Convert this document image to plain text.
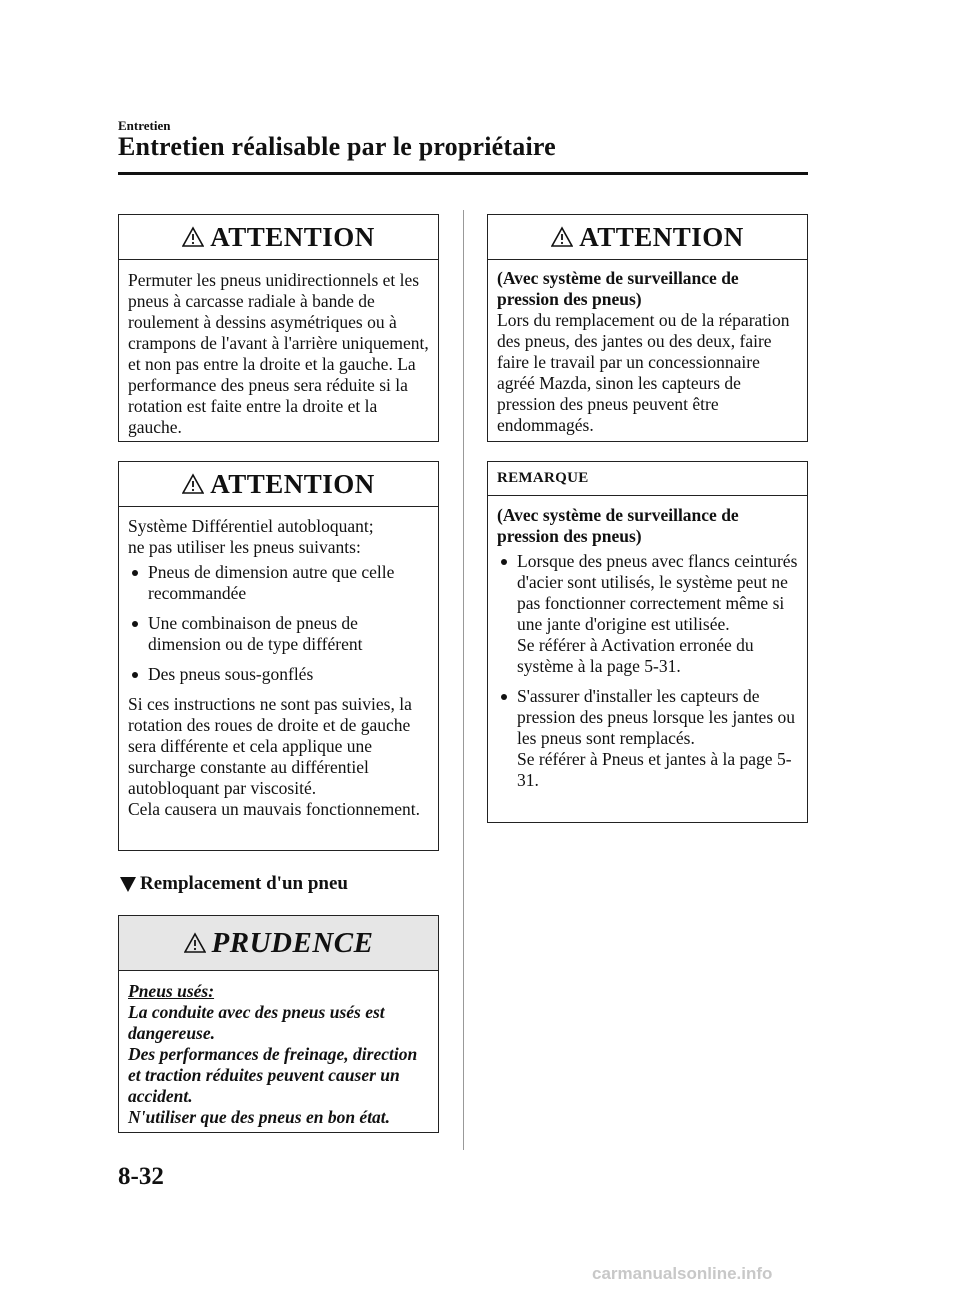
Entretien
Entretien réalisable par le propriétaire
ATTENTION

Permuter les pneus unidirectionnels et les pneus à carcasse radiale à bande de roulement à dessins asymétriques ou à crampons de l'avant à l'arrière uniquement, et non pas entre la droite et la gauche. La performance des pneus sera réduite si la rotation est faite entre la droite et la gauche.

ATTENTION

Système Différentiel autobloquant;

ne pas utiliser les pneus suivants:

Pneus de dimension autre que celle recommandée
Une combinaison de pneus de dimension ou de type différent
Des pneus sous-gonflés

Si ces instructions ne sont pas suivies, la rotation des roues de droite et de gauche sera différente et cela applique une surcharge constante au différentiel autobloquant par viscosité.

Cela causera un mauvais fonctionnement.

Remplacement d'un pneu
PRUDENCE

Pneus usés:

La conduite avec des pneus usés est dangereuse.

Des performances de freinage, direction et traction réduites peuvent causer un accident.

N'utiliser que des pneus en bon état.

ATTENTION

(Avec système de surveillance de pression des pneus)

Lors du remplacement ou de la réparation des pneus, des jantes ou des deux, faire faire le travail par un concessionnaire agréé Mazda, sinon les capteurs de pression des pneus peuvent être endommagés.

REMARQUE

(Avec système de surveillance de pression des pneus)

Lorsque des pneus avec flancs ceinturés d'acier sont utilisés, le système peut ne pas fonctionner correctement même si une jante d'origine est utilisée.
Se référer à Activation erronée du système à la page 5-31.
S'assurer d'installer les capteurs de pression des pneus lorsque les jantes ou les pneus sont remplacés.
Se référer à Pneus et jantes à la page 5-31.
8-32
carmanualsonline.info
